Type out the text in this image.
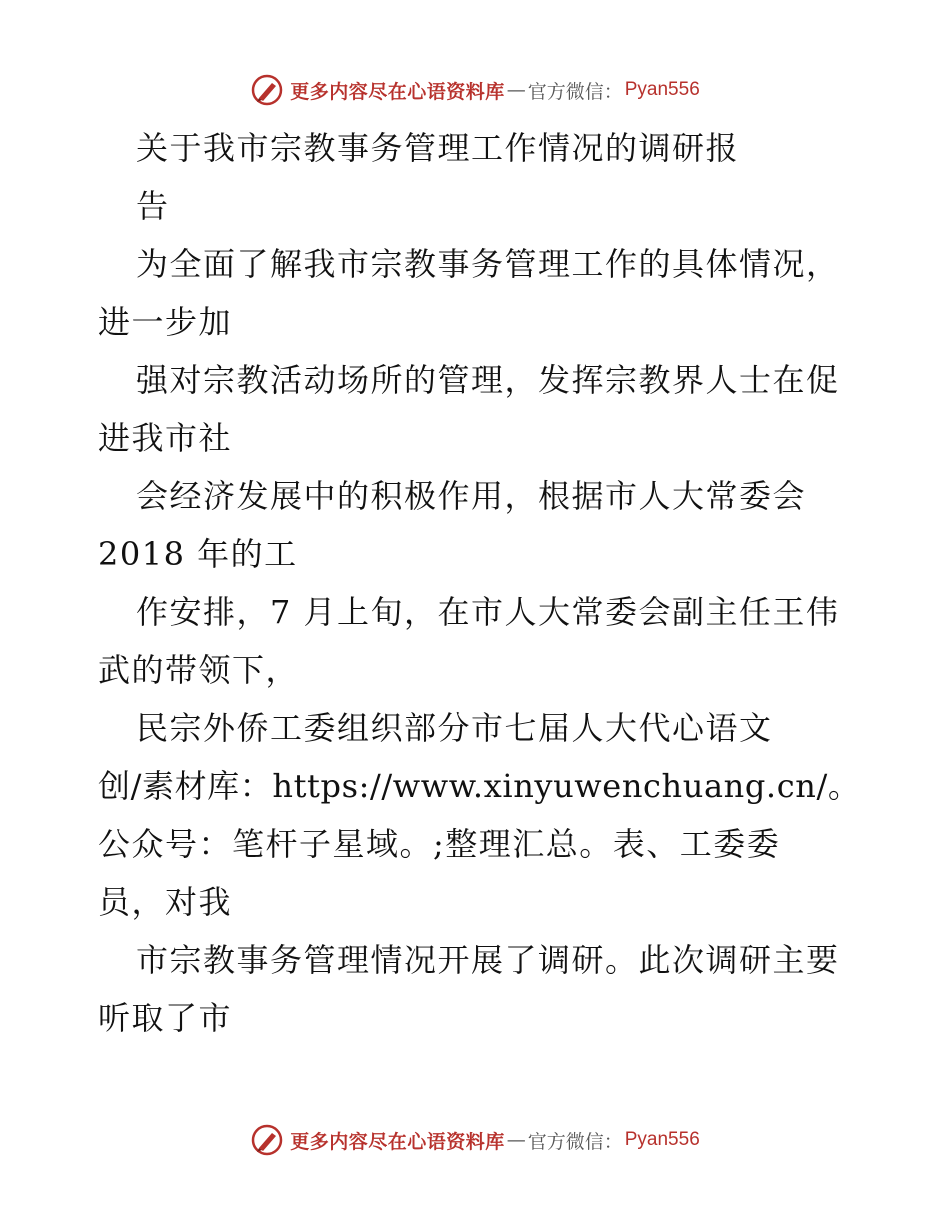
更多内容尽在心语资料库 — 官方微信： Pyan556
关于我市宗教事务管理工作情况的调研报
告
为全面了解我市宗教事务管理工作的具体情况，
进一步加
强对宗教活动场所的管理，发挥宗教界人士在促
进我市社
会经济发展中的积极作用，根据市人大常委会
2018 年的工
作安排，7 月上旬，在市人大常委会副主任王伟
武的带领下，
民宗外侨工委组织部分市七届人大代心语文
创/素材库：https://www.xinyuwenchuang.cn/。
公众号：笔杆子星域。;整理汇总。表、工委委
员，对我
市宗教事务管理情况开展了调研。此次调研主要
听取了市
更多内容尽在心语资料库 — 官方微信： Pyan556
